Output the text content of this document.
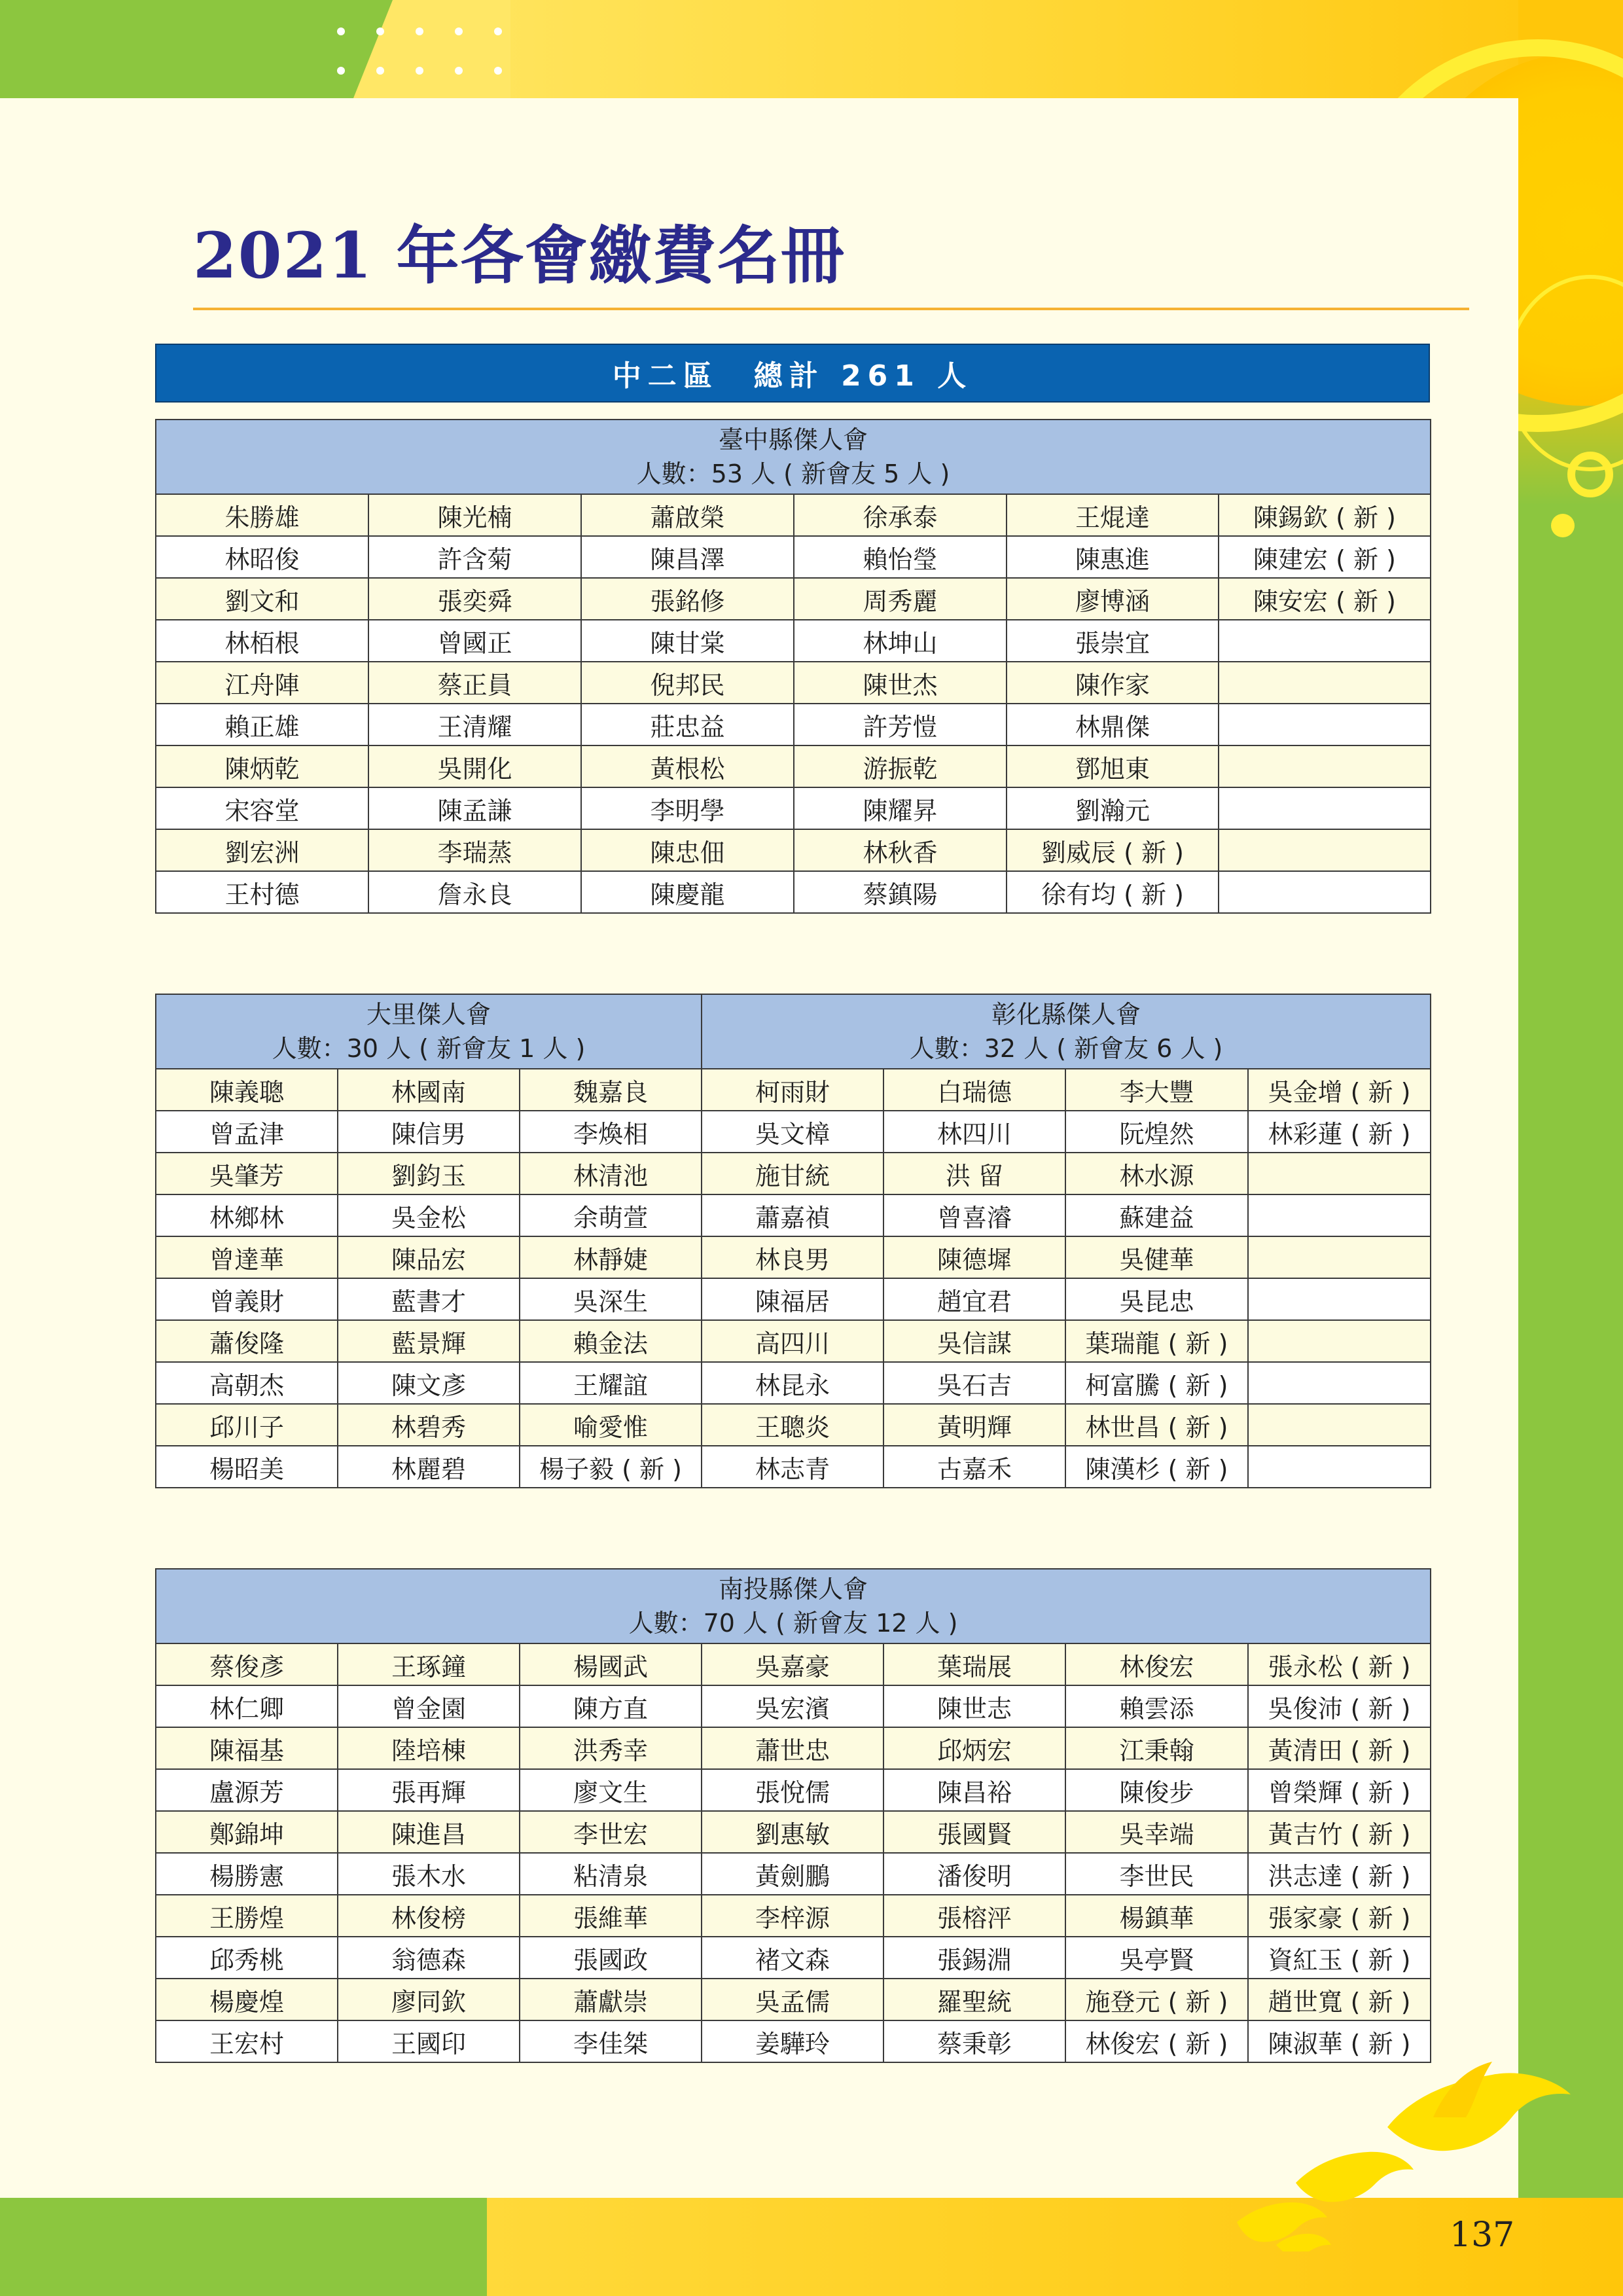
137
2021 年各會繳費名冊
中二區　總計 261 人
臺中縣傑人會
人數：53 人 ( 新會友 5 人 )					

朱勝雄	陳光楠	蕭啟榮	徐承泰	王焜達	陳錫欽 ( 新 )
林昭俊	許含菊	陳昌澤	賴怡瑩	陳惠進	陳建宏 ( 新 )
劉文和	張奕舜	張銘修	周秀麗	廖博涵	陳安宏 ( 新 )
林栢根	曾國正	陳甘棠	林坤山	張崇宜	
江舟陣	蔡正員	倪邦民	陳世杰	陳作家	
賴正雄	王清耀	莊忠益	許芳愷	林鼎傑	
陳炳乾	吳開化	黃根松	游振乾	鄧旭東	
宋容堂	陳孟謙	李明學	陳耀昇	劉瀚元	
劉宏洲	李瑞蒸	陳忠佃	林秋香	劉威辰 ( 新 )	
王村德	詹永良	陳慶龍	蔡鎮陽	徐有均 ( 新 )	
大里傑人會
人數：30 人 ( 新會友 1 人 )			彰化縣傑人會
人數：32 人 ( 新會友 6 人 )			

陳義聰	林國南	魏嘉良	柯雨財	白瑞德	李大豐	吳金增 ( 新 )
曾孟津	陳信男	李煥相	吳文樟	林四川	阮煌然	林彩蓮 ( 新 )
吳肇芳	劉鈞玉	林清池	施甘統	洪 留	林水源	
林鄉林	吳金松	余萌萱	蕭嘉禎	曾喜濬	蘇建益	
曾達華	陳品宏	林靜婕	林良男	陳德墀	吳健華	
曾義財	藍書才	吳深生	陳福居	趙宜君	吳昆忠	
蕭俊隆	藍景輝	賴金法	高四川	吳信謀	葉瑞龍 ( 新 )	
高朝杰	陳文彥	王耀誼	林昆永	吳石吉	柯富騰 ( 新 )	
邱川子	林碧秀	喻愛惟	王聰炎	黃明輝	林世昌 ( 新 )	
楊昭美	林麗碧	楊子毅 ( 新 )	林志青	古嘉禾	陳漢杉 ( 新 )	
南投縣傑人會
人數：70 人 ( 新會友 12 人 )						

蔡俊彥	王琢鐘	楊國武	吳嘉豪	葉瑞展	林俊宏	張永松 ( 新 )
林仁卿	曾金園	陳方直	吳宏濱	陳世志	賴雲添	吳俊沛 ( 新 )
陳福基	陸培棟	洪秀幸	蕭世忠	邱炳宏	江秉翰	黃清田 ( 新 )
盧源芳	張再輝	廖文生	張悅儒	陳昌裕	陳俊步	曾榮輝 ( 新 )
鄭錦坤	陳進昌	李世宏	劉惠敏	張國賢	吳幸端	黃吉竹 ( 新 )
楊勝憲	張木水	粘清泉	黃劍鵬	潘俊明	李世民	洪志達 ( 新 )
王勝煌	林俊榜	張維華	李梓源	張榕泙	楊鎮華	張家豪 ( 新 )
邱秀桃	翁德森	張國政	褚文森	張錫淵	吳亭賢	資紅玉 ( 新 )
楊慶煌	廖同欽	蕭獻崇	吳孟儒	羅聖統	施登元 ( 新 )	趙世寬 ( 新 )
王宏村	王國印	李佳桀	姜驊玲	蔡秉彰	林俊宏 ( 新 )	陳淑華 ( 新 )
